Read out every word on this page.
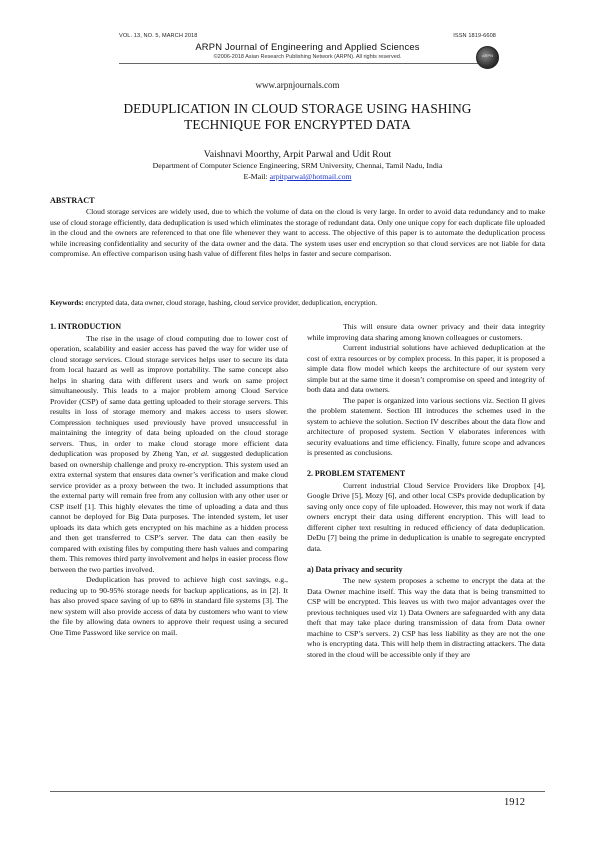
VOL. 13, NO. 5, MARCH 2018	ISSN 1819-6608
ARPN Journal of Engineering and Applied Sciences
©2006-2018 Asian Research Publishing Network (ARPN). All rights reserved.	ARPN
www.arpnjournals.com
DEDUPLICATION IN CLOUD STORAGE USING HASHING
TECHNIQUE FOR ENCRYPTED DATA
Vaishnavi Moorthy, Arpit Parwal and Udit Rout
Department of Computer Science Engineering, SRM University, Chennai, Tamil Nadu, India
E-Mail: arpitparwal@hotmail.com
ABSTRACT
Cloud storage services are widely used, due to which the volume of data on the cloud is very large. In order to avoid data redundancy and to make use of cloud storage efficiently, data deduplication is used which eliminates the storage of redundant data. Only one unique copy for each duplicate file uploaded in the cloud and the owners are referenced to that one file whenever they want to access. The objective of this paper is to automate the deduplication process while increasing confidentiality and security of the data owner and the data. The system uses user end encryption so that cloud services are not liable for data compromise. An effective comparison using hash value of different files helps in faster and secure comparison.
Keywords: encrypted data, data owner, cloud storage, hashing, cloud service provider, deduplication, encryption.
1. INTRODUCTION

The rise in the usage of cloud computing due to lower cost of operation, scalability and easier access has paved the way for wider use of cloud storage services. Cloud storage services helps user to secure its data from local hazard as well as improve portability. The same concept also helps in sharing data with different users and work on same project simultaneously. This leads to a major problem among Cloud Service Provider (CSP) of same data getting uploaded to their storage servers. This results in loss of storage memory and makes access to users slower. Compression techniques used previously have proved unsuccessful in maintaining the integrity of data being uploaded on the cloud storage servers. Thus, in order to make cloud storage more efficient data deduplication was proposed by Zheng Yan, et al. suggested deduplication based on ownership challenge and proxy re-encryption. This system used an extra external system that ensures data owner’s verification and make cloud service provider as a proxy between the two. It included assumptions that the external party will remain free from any collusion with any other user or CSP itself [1]. This highly elevates the time of uploading a data and thus cannot be deployed for Big Data purposes. The intended system, let user uploads its data which gets encrypted on his machine as a hidden process and then get transferred to CSP’s server. The data can then easily be compared with existing files by computing there hash values and comparing them. This removes third party involvement and helps in easier process flow between the two parties involved.

Deduplication has proved to achieve high cost savings, e.g., reducing up to 90-95% storage needs for backup applications, as in [2]. It has also proved space saving of up to 68% in standard file systems [3]. The new system will also provide access of data by customers who want to view the file by allowing data owners to approve their request using a secured One Time Password like service on mail.

This will ensure data owner privacy and their data integrity while improving data sharing among known colleagues or customers.

Current industrial solutions have achieved deduplication at the cost of extra resources or by complex process. In this paper, it is proposed a simple data flow model which keeps the architecture of our system very simple but at the same time it doesn’t compromise on speed and integrity of both data and data owners.

The paper is organized into various sections viz. Section II gives the problem statement. Section III introduces the schemes used in the system to achieve the solution. Section IV describes about the data flow and architecture of proposed system. Section V elaborates inferences with security evaluations and time efficiency. Finally, future scope and advances is presented as conclusions.

2. PROBLEM STATEMENT

Current industrial Cloud Service Providers like Dropbox [4], Google Drive [5], Mozy [6], and other local CSPs provide deduplication by saving only once copy of file uploaded. However, this may not work if data owners encrypt their data using different encryption. This will lead to different cipher text resulting in reduced efficiency of data deduplication. DeDu [7] being the prime in deduplication is unable to segregate encrypted data.

a) Data privacy and security

The new system proposes a scheme to encrypt the data at the Data Owner machine itself. This way the data that is being transmitted to CSP will be encrypted. This leaves us with two major advantages over the previous techniques used viz 1) Data Owners are safeguarded with any data theft that may take place during transmission of data from Data owner machine to CSP’s servers. 2) CSP has less liability as they are not the one who is encrypting data. This will help them in distracting attackers. The data stored in the cloud will be accessible only if they are

1912
